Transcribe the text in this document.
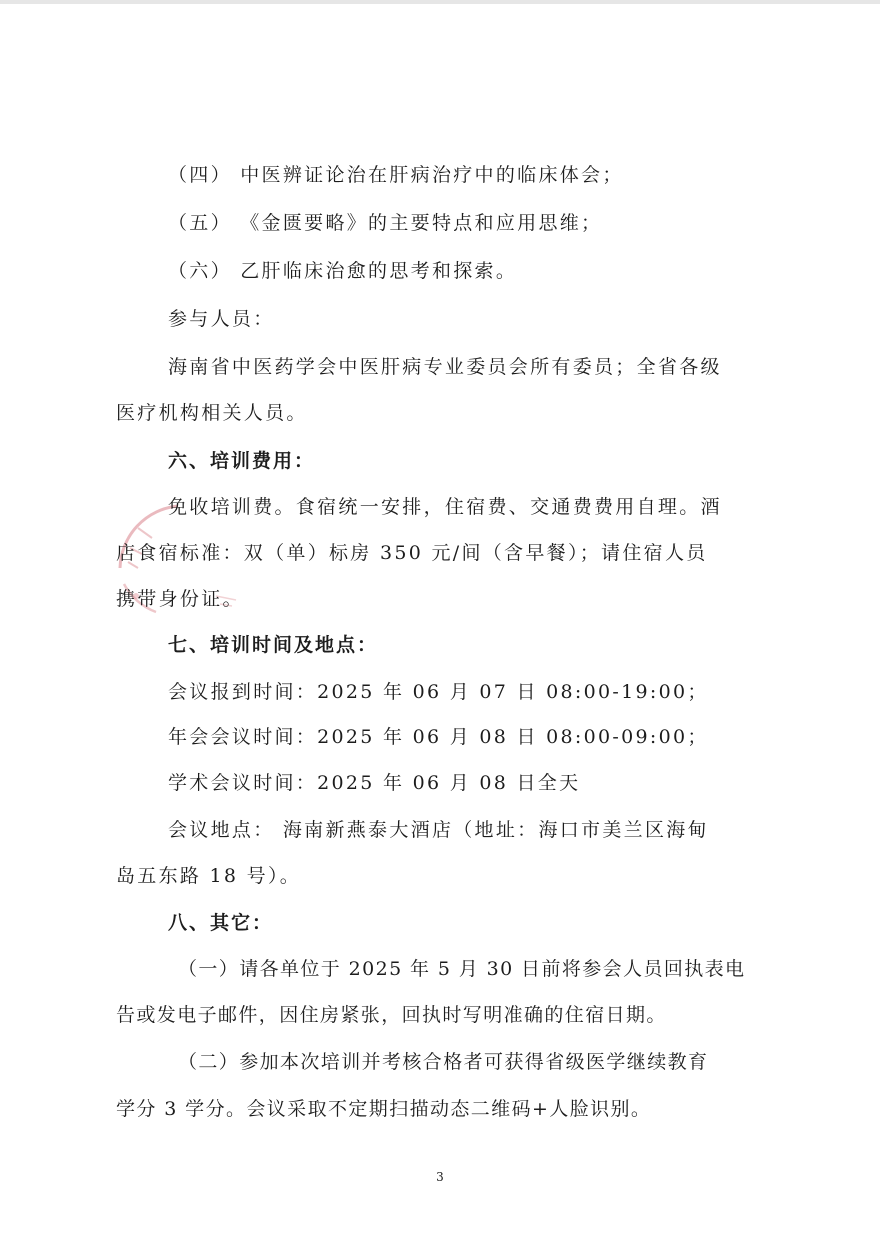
（四） 中医辨证论治在肝病治疗中的临床体会；
（五） 《金匮要略》的主要特点和应用思维；
（六） 乙肝临床治愈的思考和探索。
参与人员：
海南省中医药学会中医肝病专业委员会所有委员；全省各级
医疗机构相关人员。
六、培训费用：
免收培训费。食宿统一安排，住宿费、交通费费用自理。酒
店食宿标准：双（单）标房 350 元/间（含早餐）；请住宿人员
携带身份证。
七、培训时间及地点：
会议报到时间：2025 年 06 月 07 日 08:00-19:00；
年会会议时间：2025 年 06 月 08 日 08:00-09:00；
学术会议时间：2025 年 06 月 08 日全天
会议地点： 海南新燕泰大酒店（地址：海口市美兰区海甸
岛五东路 18 号）。
八、其它：
（一）请各单位于 2025 年 5 月 30 日前将参会人员回执表电
告或发电子邮件，因住房紧张，回执时写明准确的住宿日期。
（二）参加本次培训并考核合格者可获得省级医学继续教育
学分 3 学分。会议采取不定期扫描动态二维码+人脸识别。
3
